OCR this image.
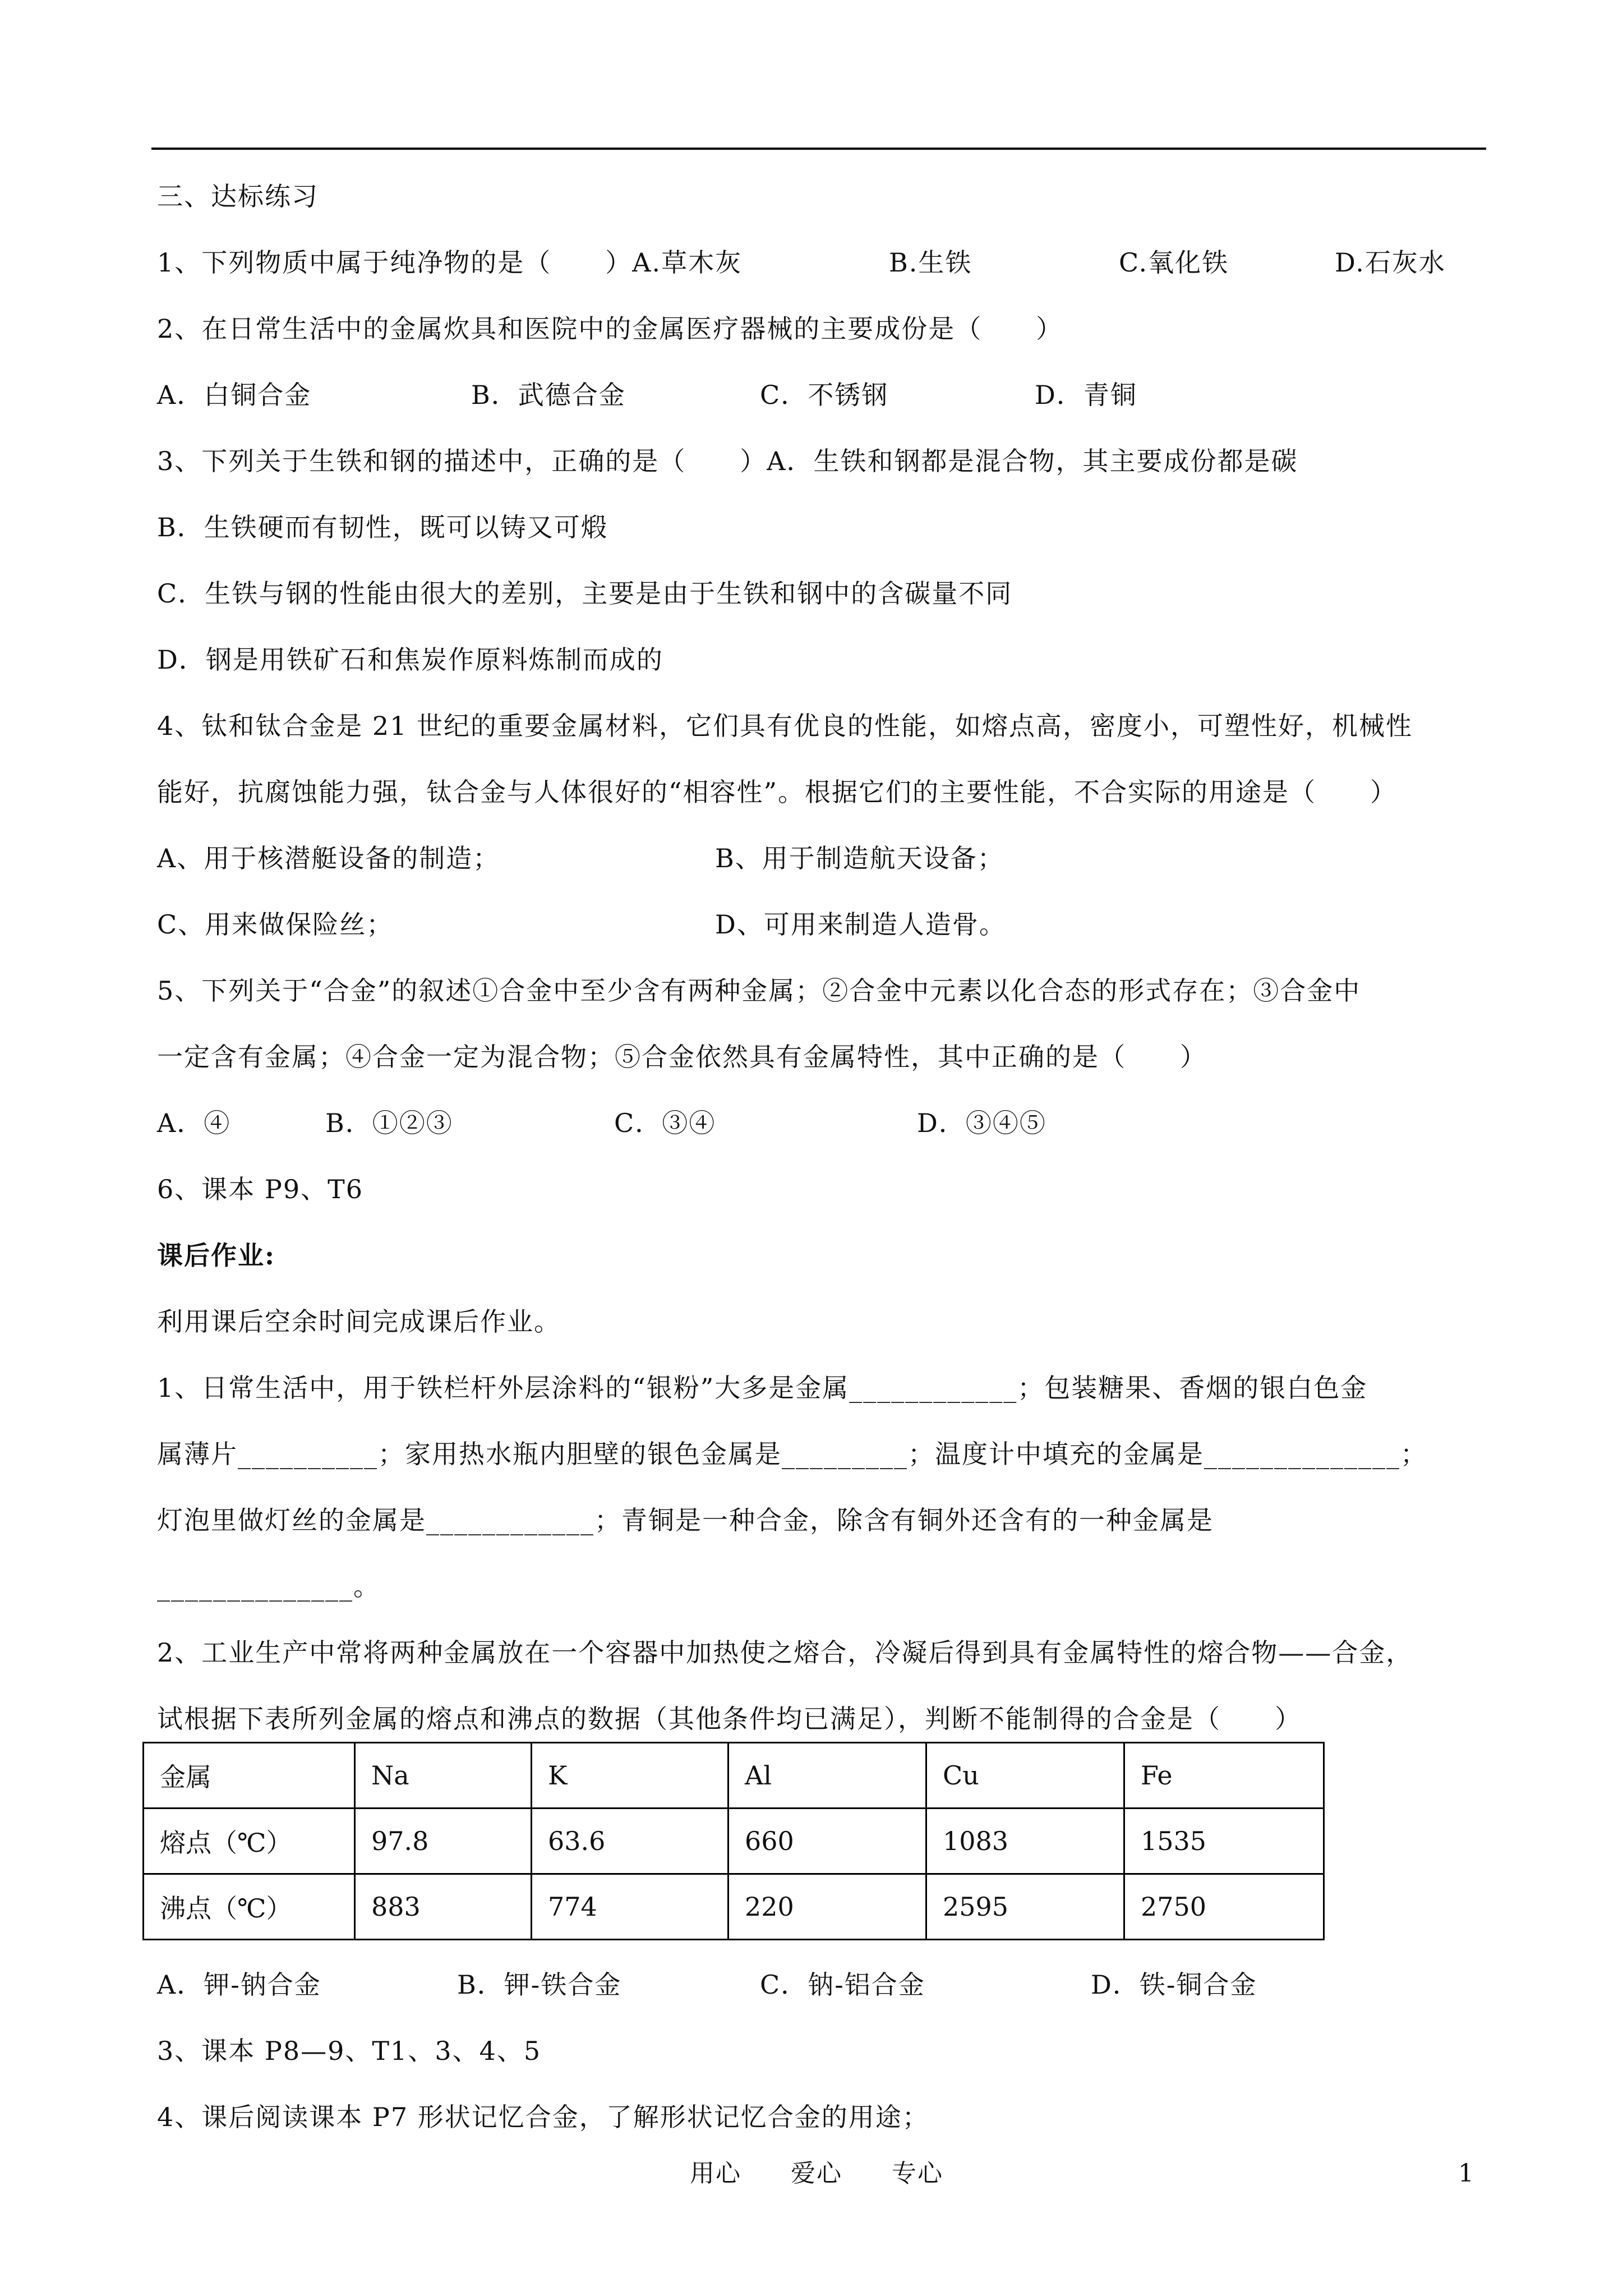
三、达标练习
1、下列物质中属于纯净物的是（　　）A.草木灰	B.生铁	C.氧化铁	D.石灰水
2、在日常生活中的金属炊具和医院中的金属医疗器械的主要成份是（　　）
A．白铜合金	B．武德合金	C．不锈钢	D．青铜
3、下列关于生铁和钢的描述中，正确的是（　　）A．生铁和钢都是混合物，其主要成份都是碳
B．生铁硬而有韧性，既可以铸又可煅
C．生铁与钢的性能由很大的差别，主要是由于生铁和钢中的含碳量不同
D．钢是用铁矿石和焦炭作原料炼制而成的
4、钛和钛合金是 21 世纪的重要金属材料，它们具有优良的性能，如熔点高，密度小，可塑性好，机械性
能好，抗腐蚀能力强，钛合金与人体很好的“相容性”。根据它们的主要性能，不合实际的用途是（　　）
A、用于核潜艇设备的制造；	B、用于制造航天设备；
C、用来做保险丝；	D、可用来制造人造骨。
5、下列关于“合金”的叙述①合金中至少含有两种金属；②合金中元素以化合态的形式存在；③合金中
一定含有金属；④合金一定为混合物；⑤合金依然具有金属特性，其中正确的是（　　）
A．④	B．①②③	C．③④	D．③④⑤
6、课本 P9、T6
课后作业:
利用课后空余时间完成课后作业。
1、日常生活中，用于铁栏杆外层涂料的“银粉”大多是金属____________；包装糖果、香烟的银白色金
属薄片__________；家用热水瓶内胆壁的银色金属是_________；温度计中填充的金属是______________；
灯泡里做灯丝的金属是____________；青铜是一种合金，除含有铜外还含有的一种金属是
______________。
2、工业生产中常将两种金属放在一个容器中加热使之熔合，冷凝后得到具有金属特性的熔合物——合金，
试根据下表所列金属的熔点和沸点的数据（其他条件均已满足），判断不能制得的合金是（　　）
金属	Na	K	Al	Cu	Fe
熔点（℃）	97.8	63.6	660	1083	1535
沸点（℃）	883	774	220	2595	2750
A．钾-钠合金	B．钾-铁合金	C．钠-铝合金	D．铁-铜合金
3、课本 P8—9、T1、3、4、5
4、课后阅读课本 P7 形状记忆合金，了解形状记忆合金的用途；
用心 爱心 专心	1
